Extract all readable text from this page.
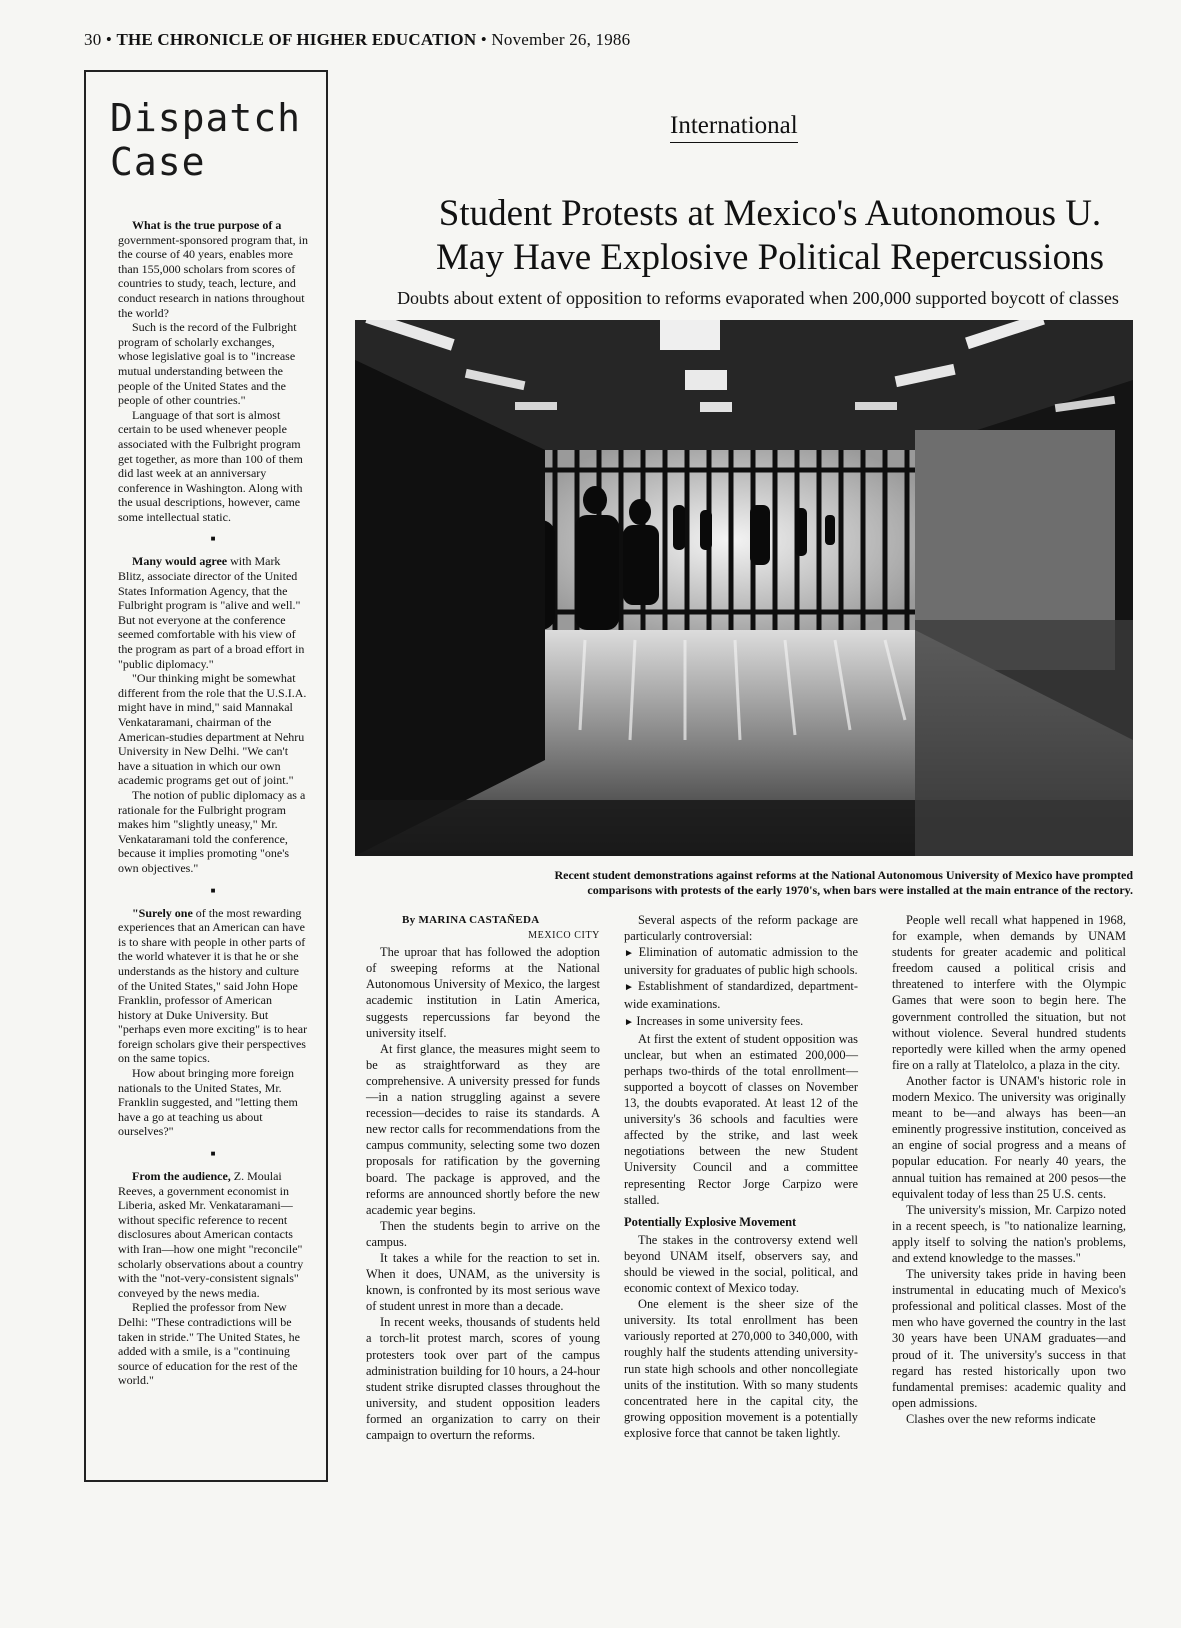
30 • THE CHRONICLE OF HIGHER EDUCATION • November 26, 1986
Dispatch
Case

What is the true purpose of a government-sponsored program that, in the course of 40 years, enables more than 155,000 scholars from scores of countries to study, teach, lecture, and conduct research in nations throughout the world?

Such is the record of the Fulbright program of scholarly exchanges, whose legislative goal is to "increase mutual understanding between the people of the United States and the people of other countries."

Language of that sort is almost certain to be used whenever people associated with the Fulbright program get together, as more than 100 of them did last week at an anniversary conference in Washington. Along with the usual descriptions, however, came some intellectual static.

■

Many would agree with Mark Blitz, associate director of the United States Information Agency, that the Fulbright program is "alive and well." But not everyone at the conference seemed comfortable with his view of the program as part of a broad effort in "public diplomacy."

"Our thinking might be somewhat different from the role that the U.S.I.A. might have in mind," said Mannakal Venkataramani, chairman of the American-studies department at Nehru University in New Delhi. "We can't have a situation in which our own academic programs get out of joint."

The notion of public diplomacy as a rationale for the Fulbright program makes him "slightly uneasy," Mr. Venkataramani told the conference, because it implies promoting "one's own objectives."

■

"Surely one of the most rewarding experiences that an American can have is to share with people in other parts of the world whatever it is that he or she understands as the history and culture of the United States," said John Hope Franklin, professor of American history at Duke University. But "perhaps even more exciting" is to hear foreign scholars give their perspectives on the same topics.

How about bringing more foreign nationals to the United States, Mr. Franklin suggested, and "letting them have a go at teaching us about ourselves?"

■

From the audience, Z. Moulai Reeves, a government economist in Liberia, asked Mr. Venkataramani—without specific reference to recent disclosures about American contacts with Iran—how one might "reconcile" scholarly observations about a country with the "not-very-consistent signals" conveyed by the news media.

Replied the professor from New Delhi: "These contradictions will be taken in stride." The United States, he added with a smile, is a "continuing source of education for the rest of the world."

International
Student Protests at Mexico's Autonomous U.
May Have Explosive Political Repercussions
Doubts about extent of opposition to reforms evaporated when 200,000 supported boycott of classes
Recent student demonstrations against reforms at the National Autonomous University of Mexico have prompted
comparisons with protests of the early 1970's, when bars were installed at the main entrance of the rectory.
By MARINA CASTAÑEDA
MEXICO CITY

The uproar that has followed the adoption of sweeping reforms at the National Autonomous University of Mexico, the largest academic institution in Latin America, suggests repercussions far beyond the university itself.

At first glance, the measures might seem to be as straightforward as they are comprehensive. A university pressed for funds—in a nation struggling against a severe recession—decides to raise its standards. A new rector calls for recommendations from the campus community, selecting some two dozen proposals for ratification by the governing board. The package is approved, and the reforms are announced shortly before the new academic year begins.

Then the students begin to arrive on the campus.

It takes a while for the reaction to set in. When it does, UNAM, as the university is known, is confronted by its most serious wave of student unrest in more than a decade.

In recent weeks, thousands of students held a torch-lit protest march, scores of young protesters took over part of the campus administration building for 10 hours, a 24-hour student strike disrupted classes throughout the university, and student opposition leaders formed an organization to carry on their campaign to overturn the reforms.

Several aspects of the reform package are particularly controversial:

► Elimination of automatic admission to the university for graduates of public high schools.

► Establishment of standardized, department-wide examinations.

► Increases in some university fees.

At first the extent of student opposition was unclear, but when an estimated 200,000—perhaps two-thirds of the total enrollment—supported a boycott of classes on November 13, the doubts evaporated. At least 12 of the university's 36 schools and faculties were affected by the strike, and last week negotiations between the new Student University Council and a committee representing Rector Jorge Carpizo were stalled.

Potentially Explosive Movement

The stakes in the controversy extend well beyond UNAM itself, observers say, and should be viewed in the social, political, and economic context of Mexico today.

One element is the sheer size of the university. Its total enrollment has been variously reported at 270,000 to 340,000, with roughly half the students attending university-run state high schools and other noncollegiate units of the institution. With so many students concentrated here in the capital city, the growing opposition movement is a potentially explosive force that cannot be taken lightly.

People well recall what happened in 1968, for example, when demands by UNAM students for greater academic and political freedom caused a political crisis and threatened to interfere with the Olympic Games that were soon to begin here. The government controlled the situation, but not without violence. Several hundred students reportedly were killed when the army opened fire on a rally at Tlatelolco, a plaza in the city.

Another factor is UNAM's historic role in modern Mexico. The university was originally meant to be—and always has been—an eminently progressive institution, conceived as an engine of social progress and a means of popular education. For nearly 40 years, the annual tuition has remained at 200 pesos—the equivalent today of less than 25 U.S. cents.

The university's mission, Mr. Carpizo noted in a recent speech, is "to nationalize learning, apply itself to solving the nation's problems, and extend knowledge to the masses."

The university takes pride in having been instrumental in educating much of Mexico's professional and political classes. Most of the men who have governed the country in the last 30 years have been UNAM graduates—and proud of it. The university's success in that regard has rested historically upon two fundamental premises: academic quality and open admissions.

Clashes over the new reforms indicate
